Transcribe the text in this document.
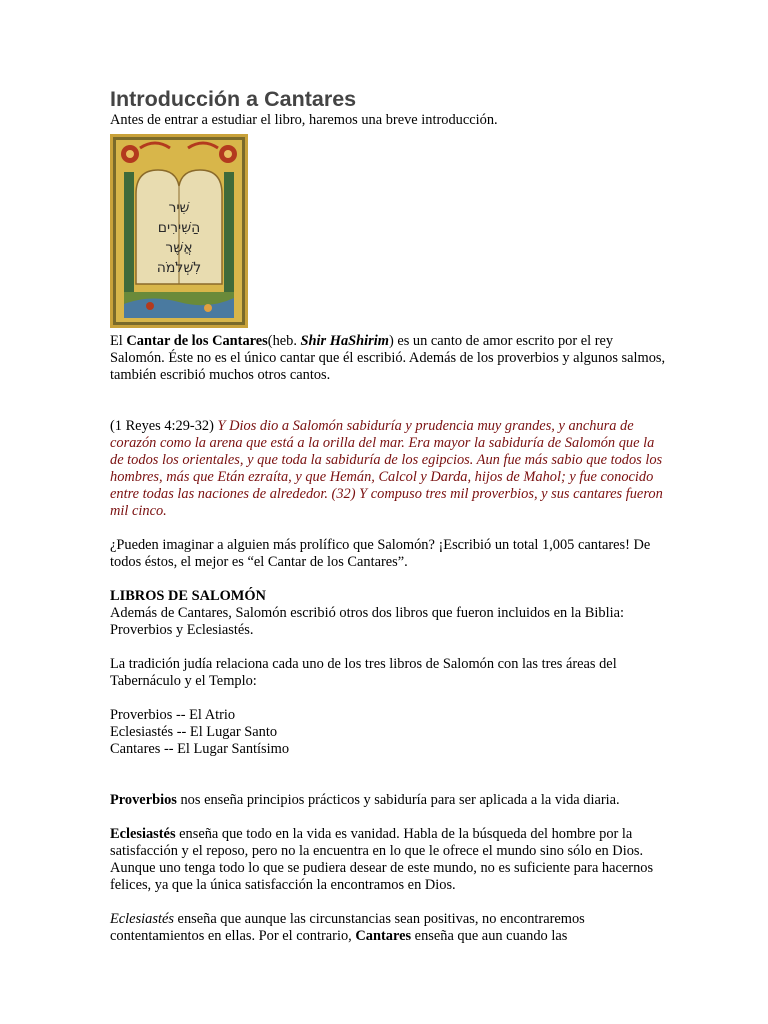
Introducción a Cantares

Antes de entrar a estudiar el libro, haremos una breve introducción.

שִׁיר
הַשִּׁירִים
אֲשֶׁר
לִשְׁלֹמֹה

El Cantar de los Cantares(heb. Shir HaShirim) es un canto de amor escrito por el rey Salomón. Éste no es el único cantar que él escribió. Además de los proverbios y algunos salmos, también escribió muchos otros cantos.

(1 Reyes 4:29-32) Y Dios dio a Salomón sabiduría y prudencia muy grandes, y anchura de corazón como la arena que está a la orilla del mar. Era mayor la sabiduría de Salomón que la de todos los orientales, y que toda la sabiduría de los egipcios. Aun fue más sabio que todos los hombres, más que Etán ezraíta, y que Hemán, Calcol y Darda, hijos de Mahol; y fue conocido entre todas las naciones de alrededor. (32) Y compuso tres mil proverbios, y sus cantares fueron mil cinco.

¿Pueden imaginar a alguien más prolífico que Salomón? ¡Escribió un total 1,005 cantares! De todos éstos, el mejor es “el Cantar de los Cantares”.

LIBROS DE SALOMÓN

Además de Cantares, Salomón escribió otros dos libros que fueron incluidos en la Biblia: Proverbios y Eclesiastés.

La tradición judía relaciona cada uno de los tres libros de Salomón con las tres áreas del Tabernáculo y el Templo:

Proverbios -- El Atrio

Eclesiastés -- El Lugar Santo

Cantares -- El Lugar Santísimo

Proverbios nos enseña principios prácticos y sabiduría para ser aplicada a la vida diaria.

Eclesiastés enseña que todo en la vida es vanidad. Habla de la búsqueda del hombre por la satisfacción y el reposo, pero no la encuentra en lo que le ofrece el mundo sino sólo en Dios. Aunque uno tenga todo lo que se pudiera desear de este mundo, no es suficiente para hacernos felices, ya que la única satisfacción la encontramos en Dios.

Eclesiastés enseña que aunque las circunstancias sean positivas, no encontraremos contentamientos en ellas. Por el contrario, Cantares enseña que aun cuando las
